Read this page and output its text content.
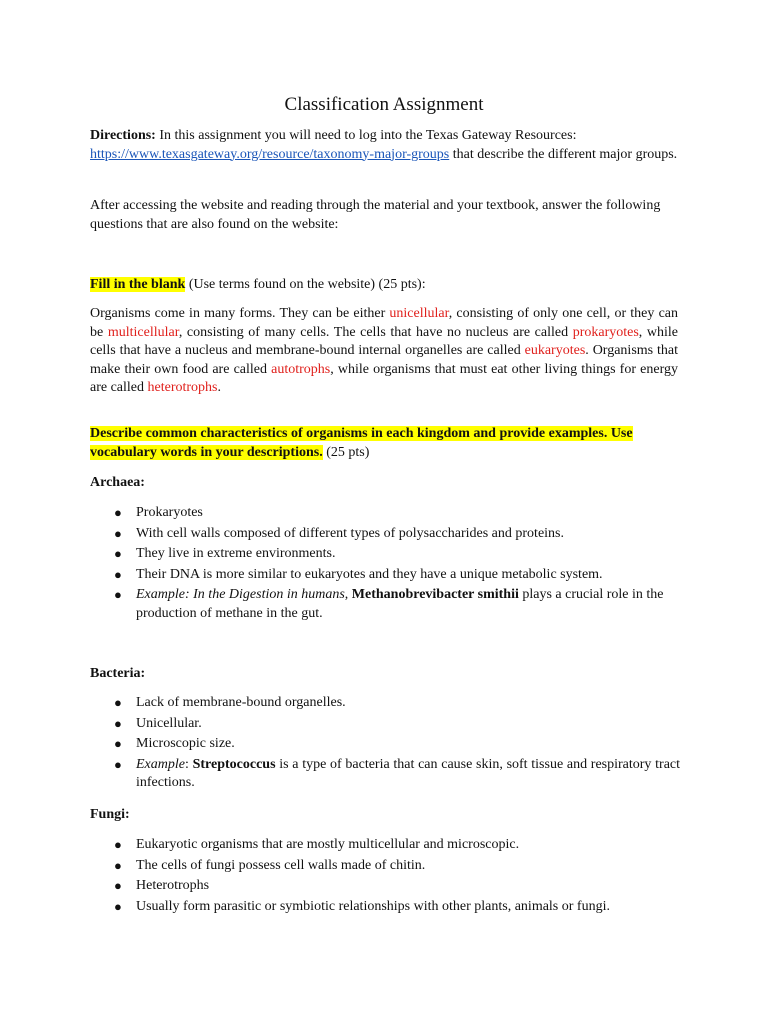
Classification Assignment
Directions: In this assignment you will need to log into the Texas Gateway Resources: https://www.texasgateway.org/resource/taxonomy-major-groups that describe the different major groups.
After accessing the website and reading through the material and your textbook, answer the following questions that are also found on the website:
Fill in the blank (Use terms found on the website) (25 pts):
Organisms come in many forms. They can be either unicellular, consisting of only one cell, or they can be multicellular, consisting of many cells. The cells that have no nucleus are called prokaryotes, while cells that have a nucleus and membrane-bound internal organelles are called eukaryotes. Organisms that make their own food are called autotrophs, while organisms that must eat other living things for energy are called heterotrophs.
Describe common characteristics of organisms in each kingdom and provide examples. Use vocabulary words in your descriptions. (25 pts)
Archaea:
● Prokaryotes
● With cell walls composed of different types of polysaccharides and proteins.
● They live in extreme environments.
● Their DNA is more similar to eukaryotes and they have a unique metabolic system.
● Example: In the Digestion in humans, Methanobrevibacter smithii plays a crucial role in the production of methane in the gut.
Bacteria:
● Lack of membrane-bound organelles.
● Unicellular.
● Microscopic size.
● Example: Streptococcus is a type of bacteria that can cause skin, soft tissue and respiratory tract infections.
Fungi:
● Eukaryotic organisms that are mostly multicellular and microscopic.
● The cells of fungi possess cell walls made of chitin.
● Heterotrophs
● Usually form parasitic or symbiotic relationships with other plants, animals or fungi.
